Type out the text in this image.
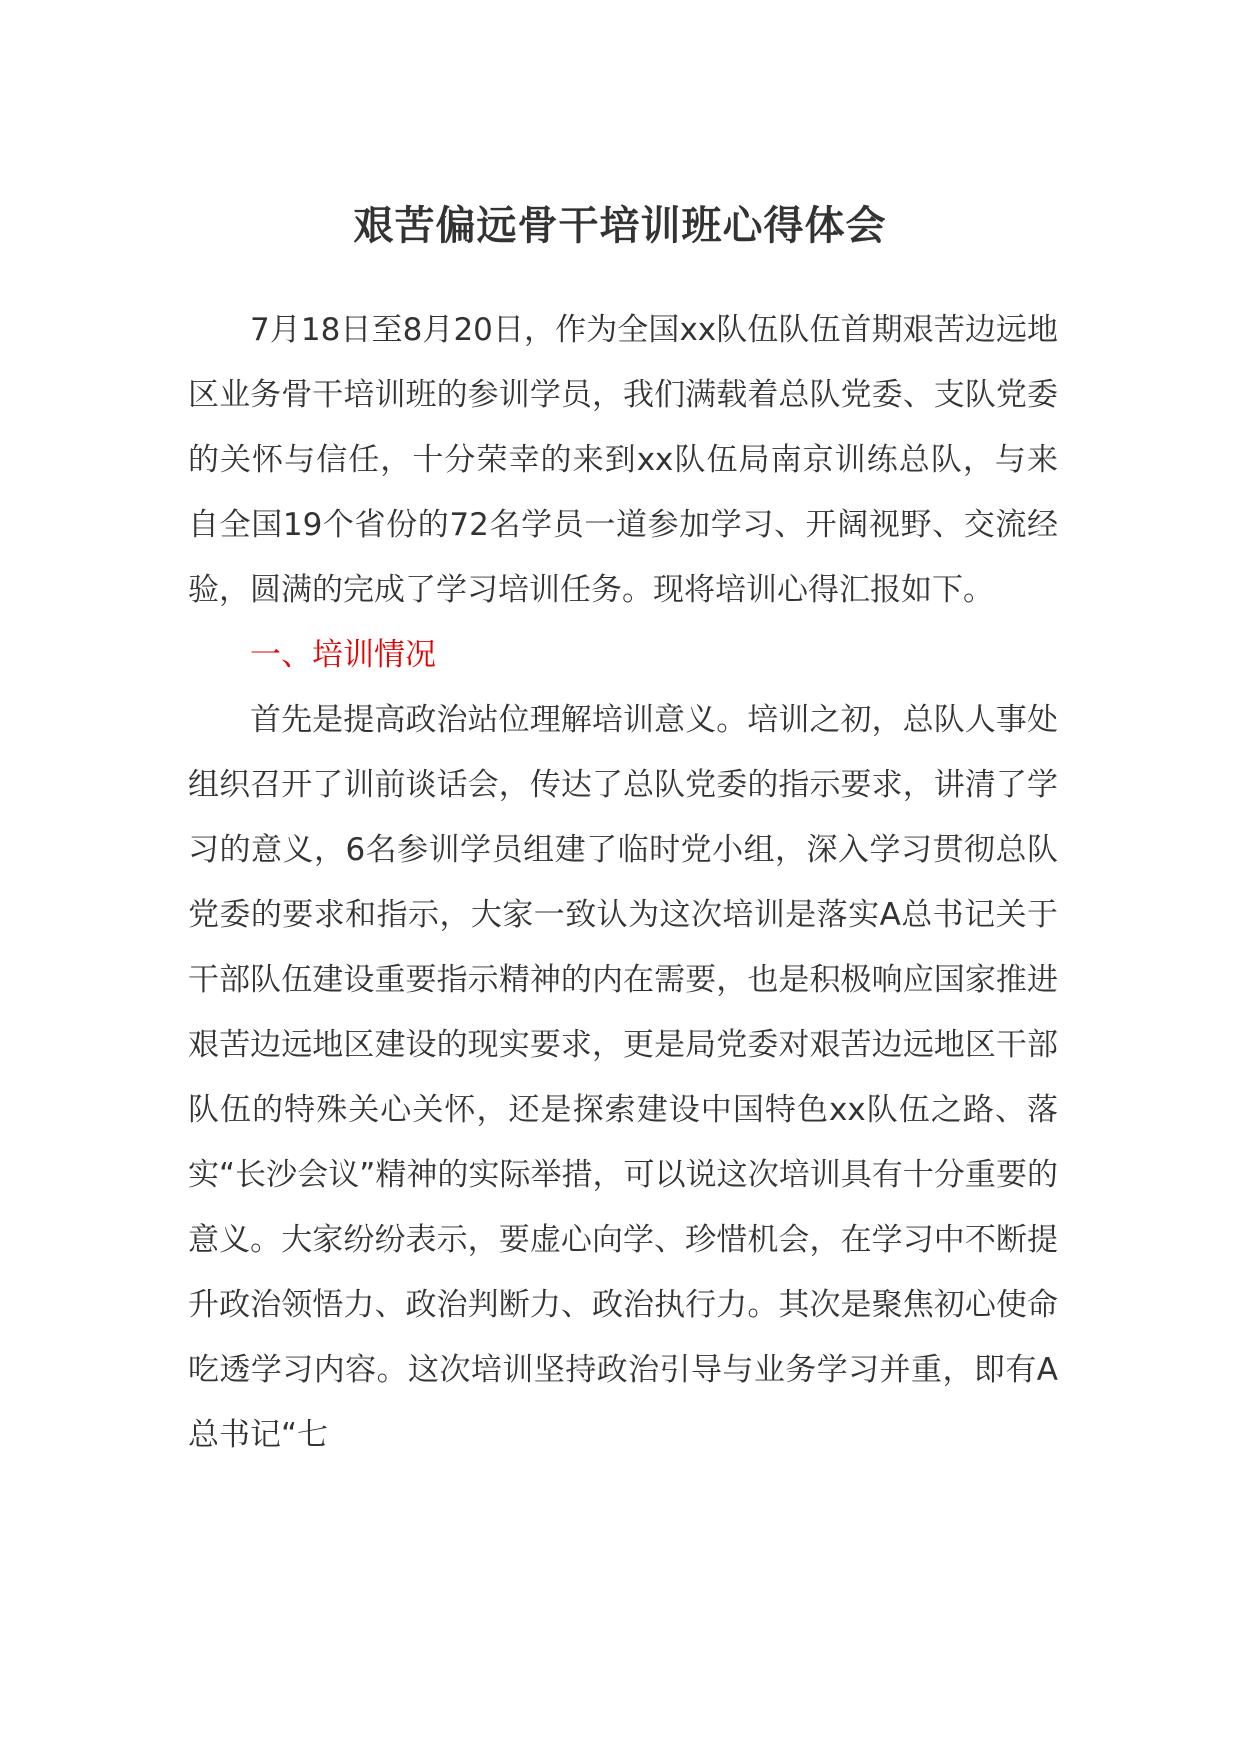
艰苦偏远骨干培训班心得体会

7月18日至8月20日，作为全国xx队伍队伍首期艰苦边远地区业务骨干培训班的参训学员，我们满载着总队党委、支队党委的关怀与信任，十分荣幸的来到xx队伍局南京训练总队，与来自全国19个省份的72名学员一道参加学习、开阔视野、交流经验，圆满的完成了学习培训任务。现将培训心得汇报如下。

一、培训情况

首先是提高政治站位理解培训意义。培训之初，总队人事处组织召开了训前谈话会，传达了总队党委的指示要求，讲清了学习的意义，6名参训学员组建了临时党小组，深入学习贯彻总队党委的要求和指示，大家一致认为这次培训是落实A总书记关于干部队伍建设重要指示精神的内在需要，也是积极响应国家推进艰苦边远地区建设的现实要求，更是局党委对艰苦边远地区干部队伍的特殊关心关怀，还是探索建设中国特色xx队伍之路、落实“长沙会议”精神的实际举措，可以说这次培训具有十分重要的意义。大家纷纷表示，要虚心向学、珍惜机会，在学习中不断提升政治领悟力、政治判断力、政治执行力。其次是聚焦初心使命吃透学习内容。这次培训坚持政治引导与业务学习并重，即有A总书记“七
